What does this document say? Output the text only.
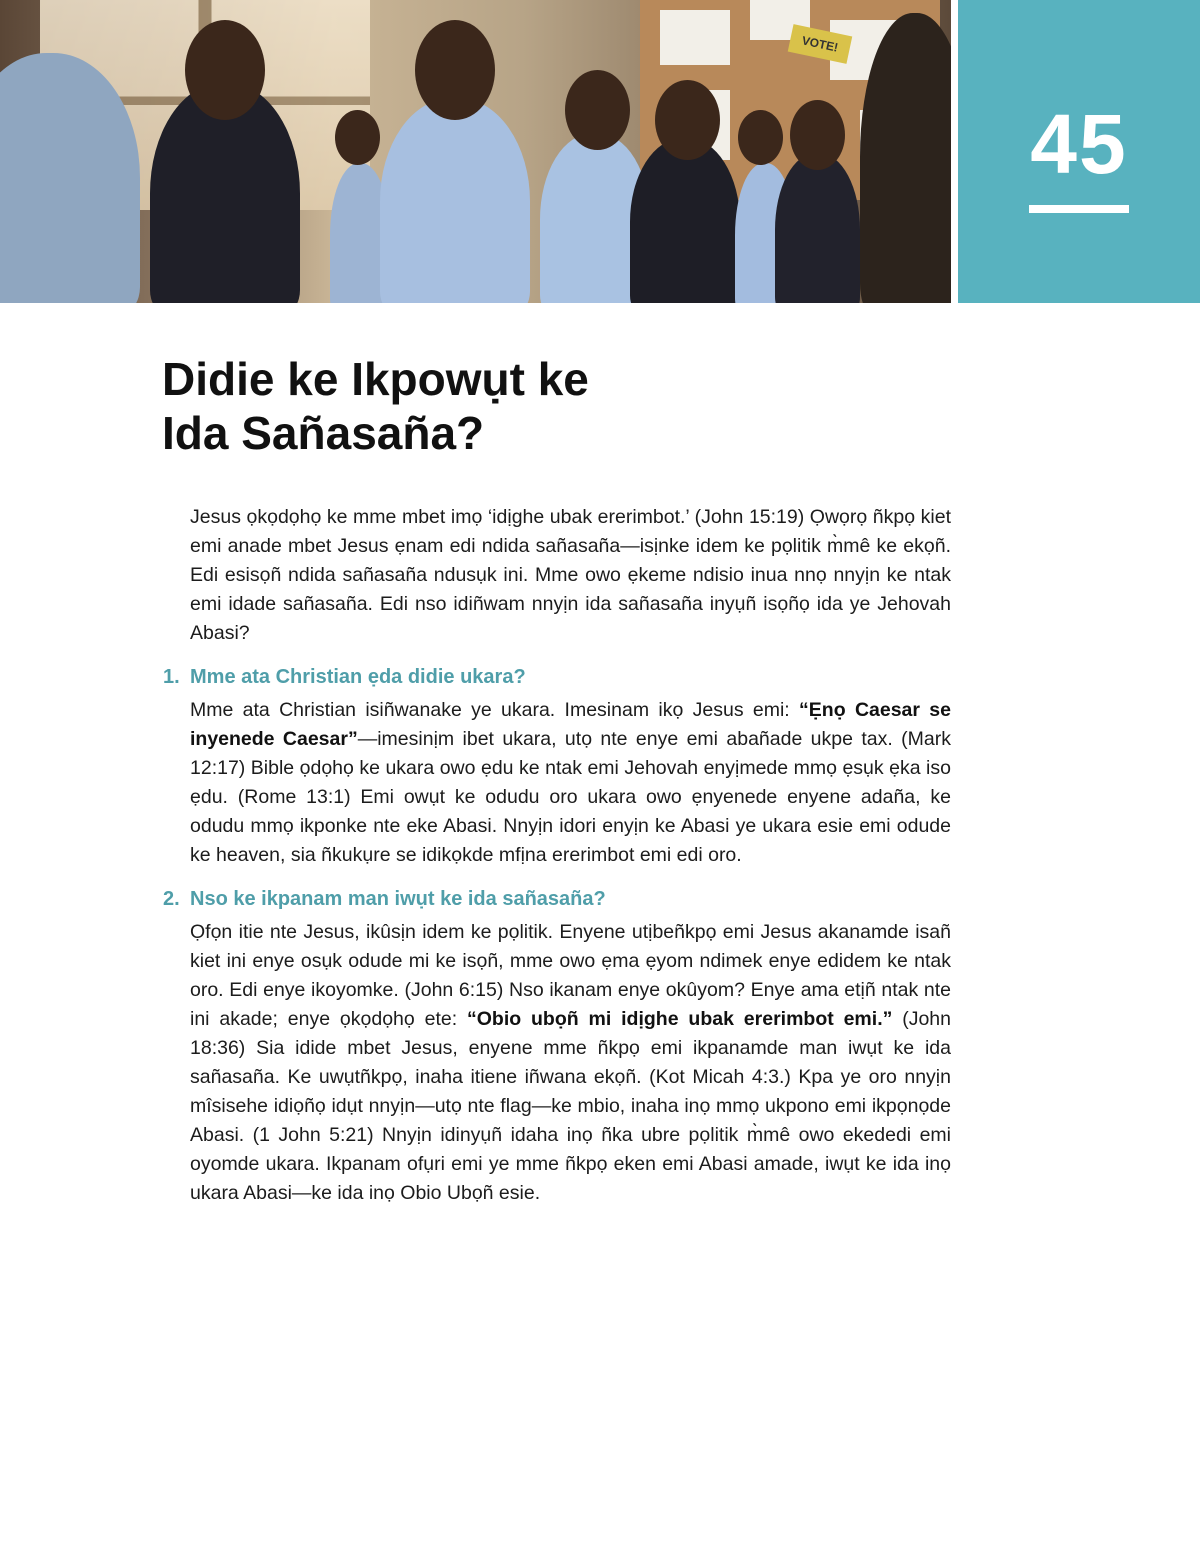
VOTE!
45
Didie ke Ikpowụt ke
Ida Sañasaña?

Jesus ọkọdọhọ ke mme mbet imọ ‘idịghe ubak ererimbot.’ (John 15:19) Ọwọrọ ñkpọ kiet emi anade mbet Jesus ẹnam edi ndida sañasaña—isịnke idem ke pọlitik m̀mê ke ekọñ. Edi esisọñ ndida sañasaña ndusụk ini. Mme owo ẹkeme ndisio inua nnọ nnyịn ke ntak emi idade sañasaña. Edi nso idiñwam nnyịn ida sañasaña inyụñ isọñọ ida ye Jehovah Abasi?

1. Mme ata Christian ẹda didie ukara?

Mme ata Christian isiñwanake ye ukara. Imesinam ikọ Jesus emi: “Ẹnọ Caesar se inyenede Caesar”—imesinịm ibet ukara, utọ nte enye emi abañade ukpe tax. (Mark 12:17) Bible ọdọhọ ke ukara owo ẹdu ke ntak emi Jehovah enyịmede mmọ ẹsụk ẹka iso ẹdu. (Rome 13:1) Emi owụt ke odudu oro ukara owo ẹnyenede enyene adaña, ke odudu mmọ ikponke nte eke Abasi. Nnyịn idori enyịn ke Abasi ye ukara esie emi odude ke heaven, sia ñkukụre se idikọkde mfịna ererimbot emi edi oro.

2. Nso ke ikpanam man iwụt ke ida sañasaña?

Ọfọn itie nte Jesus, ikûsịn idem ke pọlitik. Enyene utịbeñkpọ emi Jesus akanamde isañ kiet ini enye osụk odude mi ke isọñ, mme owo ẹma ẹyom ndimek enye edidem ke ntak oro. Edi enye ikoyomke. (John 6:15) Nso ikanam enye okûyom? Enye ama etịñ ntak nte ini akade; enye ọkọdọhọ ete: “Obio ubọñ mi idịghe ubak ererimbot emi.” (John 18:36) Sia idide mbet Jesus, enyene mme ñkpọ emi ikpanamde man iwụt ke ida sañasaña. Ke uwụtñkpọ, inaha itiene iñwana ekọñ. (Kot Micah 4:3.) Kpa ye oro nnyịn mîsisehe idiọñọ idụt nnyịn—utọ nte flag—ke mbio, inaha inọ mmọ ukpono emi ikpọnọde Abasi. (1 John 5:21) Nnyịn idinyụñ idaha inọ ñka ubre pọlitik m̀mê owo ekededi emi oyomde ukara. Ikpanam ofụri emi ye mme ñkpọ eken emi Abasi amade, iwụt ke ida inọ ukara Abasi—ke ida inọ Obio Ubọñ esie.
